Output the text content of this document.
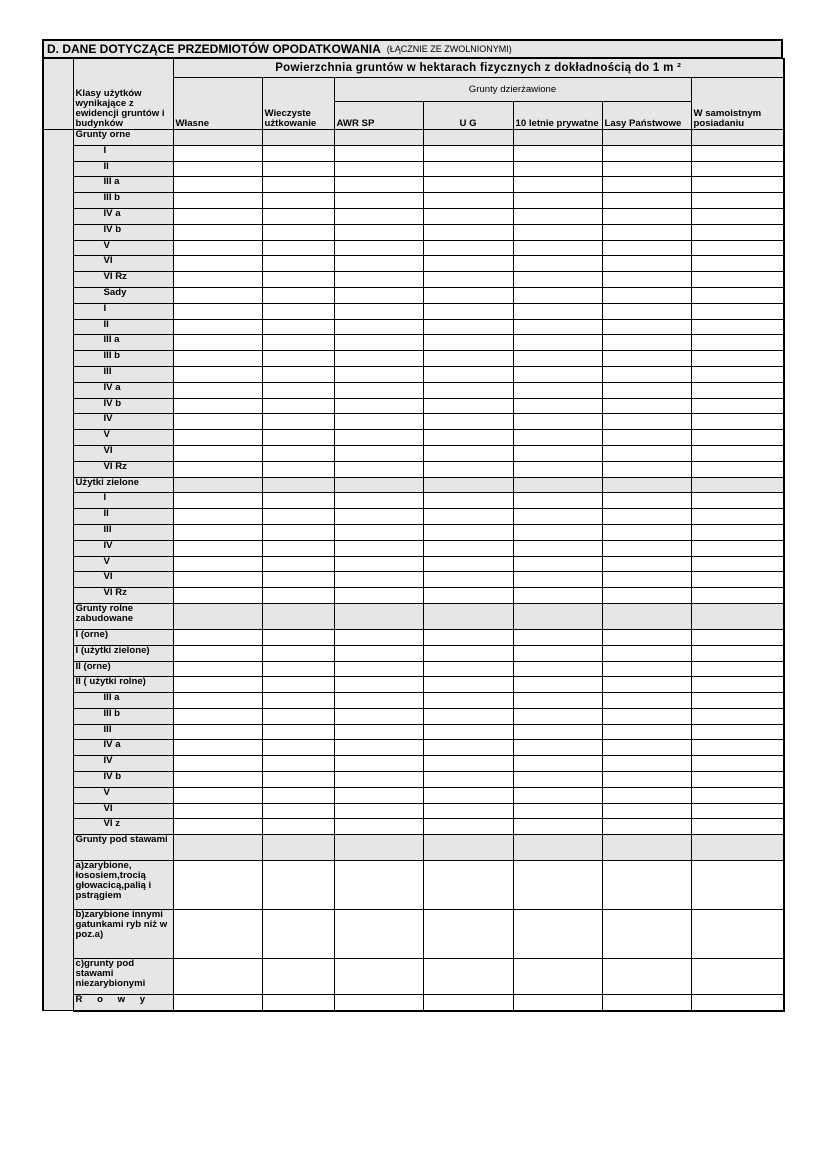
D. DANE DOTYCZĄCE PRZEDMIOTÓW OPODATKOWANIA (ŁĄCZNIE ZE ZWOLNIONYMI)
	Klasy użytków wynikające z ewidencji gruntów i budynków	Powierzchnia gruntów w hektarach fizycznych z dokładnością do 1 m ²						
		Własne	Wieczyste użtkowanie	Grunty dzierżawione				W samoistnym posiadaniu
				AWR SP	U G	10 letnie prywatne	Lasy Państwowe	
	Grunty orne							
	I							
	II							
	III a							
	III b							
	IV a							
	IV b							
	V							
	VI							
	VI Rz							
	Sady							
	I							
	II							
	III a							
	III b							
	III							
	IV a							
	IV b							
	IV							
	V							
	VI							
	VI Rz							
	Użytki zielone							
	I							
	II							
	III							
	IV							
	V							
	VI							
	VI Rz							
	Grunty rolne zabudowane							
	I (orne)							
	I (użytki zielone)							
	II (orne)							
	II ( użytki rolne)							
	III a							
	III b							
	III							
	IV a							
	IV							
	IV b							
	V							
	VI							
	VI z							
	Grunty pod stawami							
	a)zarybione, łososiem,trocią głowacicą,palią i pstrągiem							
	b)zarybione innymi gatunkami ryb niż w poz.a)							
	c)grunty pod stawami niezarybionymi							
	R o w y							
